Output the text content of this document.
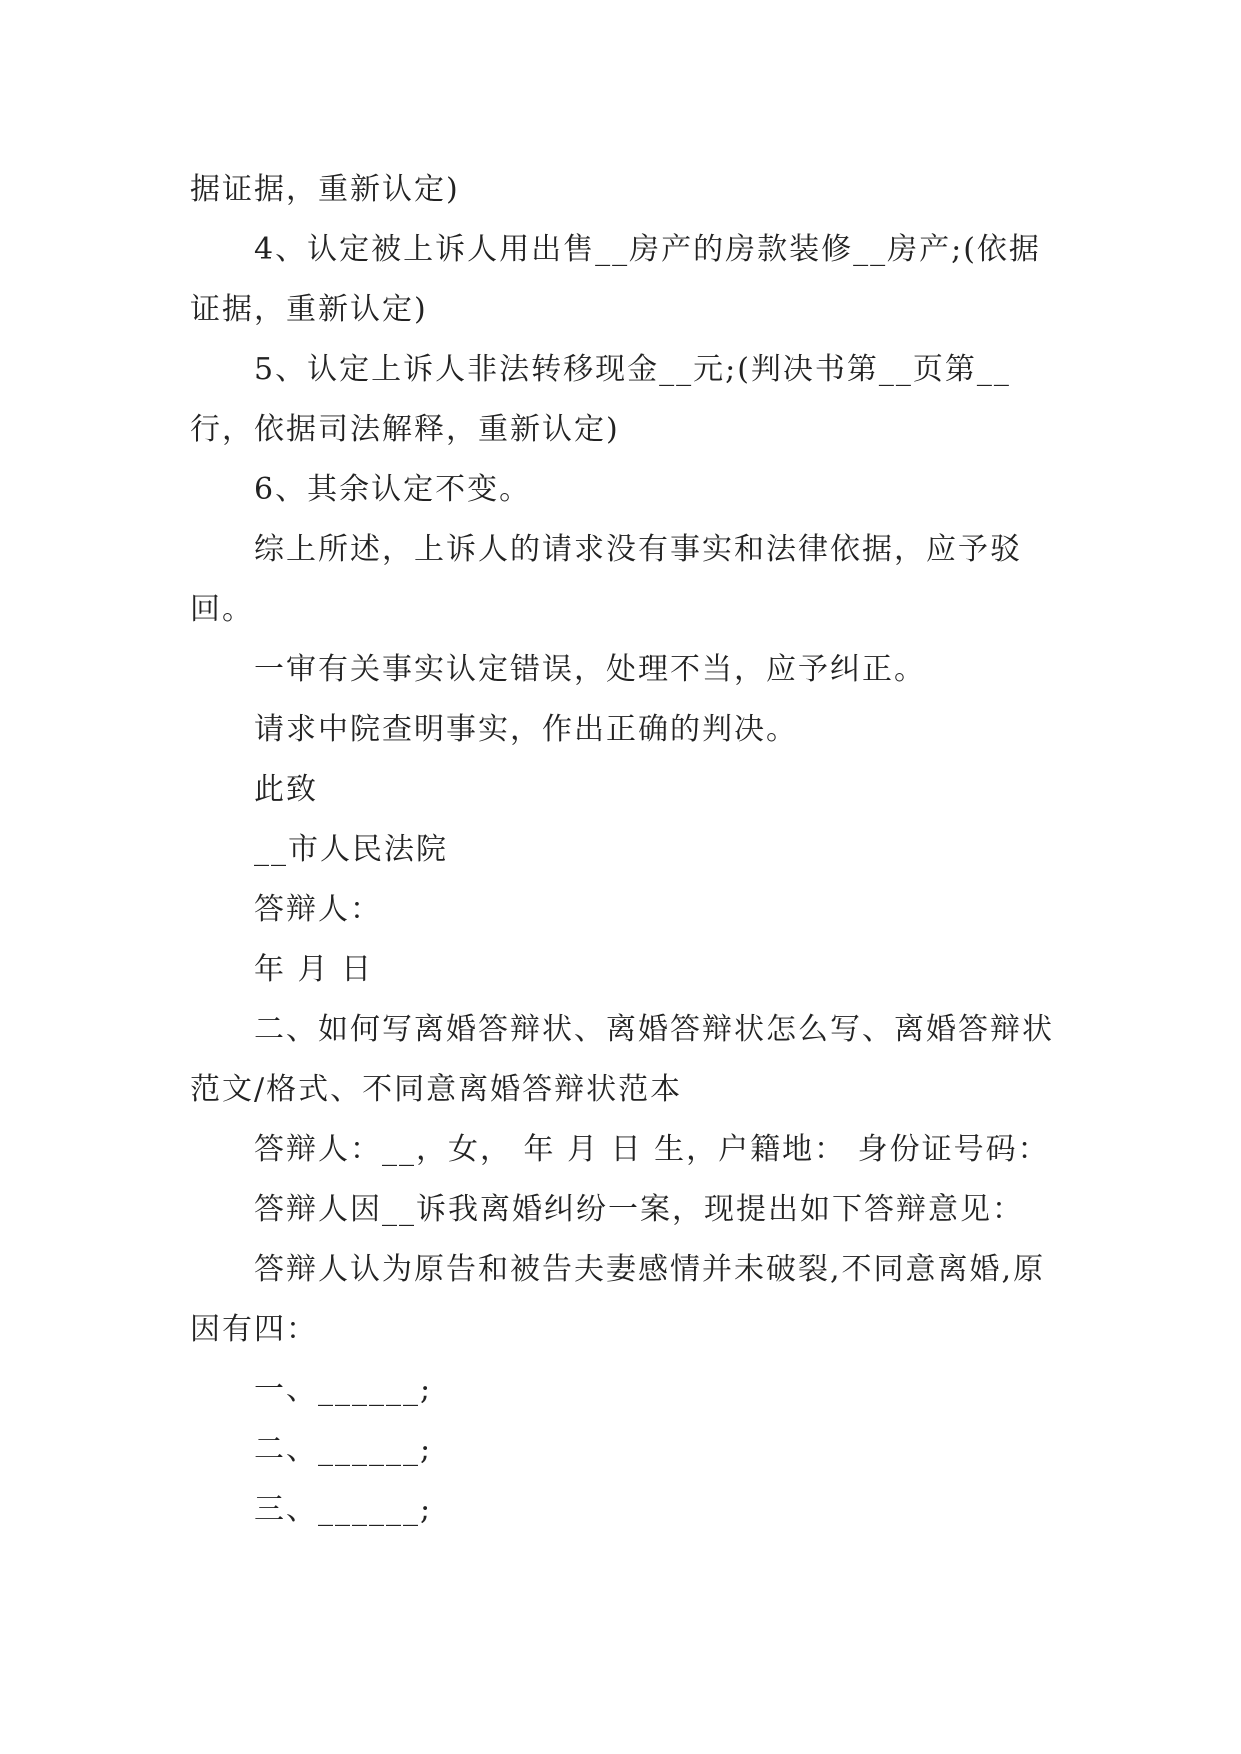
据证据，重新认定)

4、认定被上诉人用出售__房产的房款装修__房产;(依据证据，重新认定)

5、认定上诉人非法转移现金__元;(判决书第__页第__行，依据司法解释，重新认定)

6、其余认定不变。

综上所述，上诉人的请求没有事实和法律依据，应予驳回。

一审有关事实认定错误，处理不当，应予纠正。

请求中院查明事实，作出正确的判决。

此致

__市人民法院

答辩人：

年 月 日

二、如何写离婚答辩状、离婚答辩状怎么写、离婚答辩状范文/格式、不同意离婚答辩状范本

答辩人：__，女， 年 月 日 生，户籍地： 身份证号码：

答辩人因__诉我离婚纠纷一案，现提出如下答辩意见：

答辩人认为原告和被告夫妻感情并未破裂,不同意离婚,原因有四：

一、______;

二、______;

三、______;
